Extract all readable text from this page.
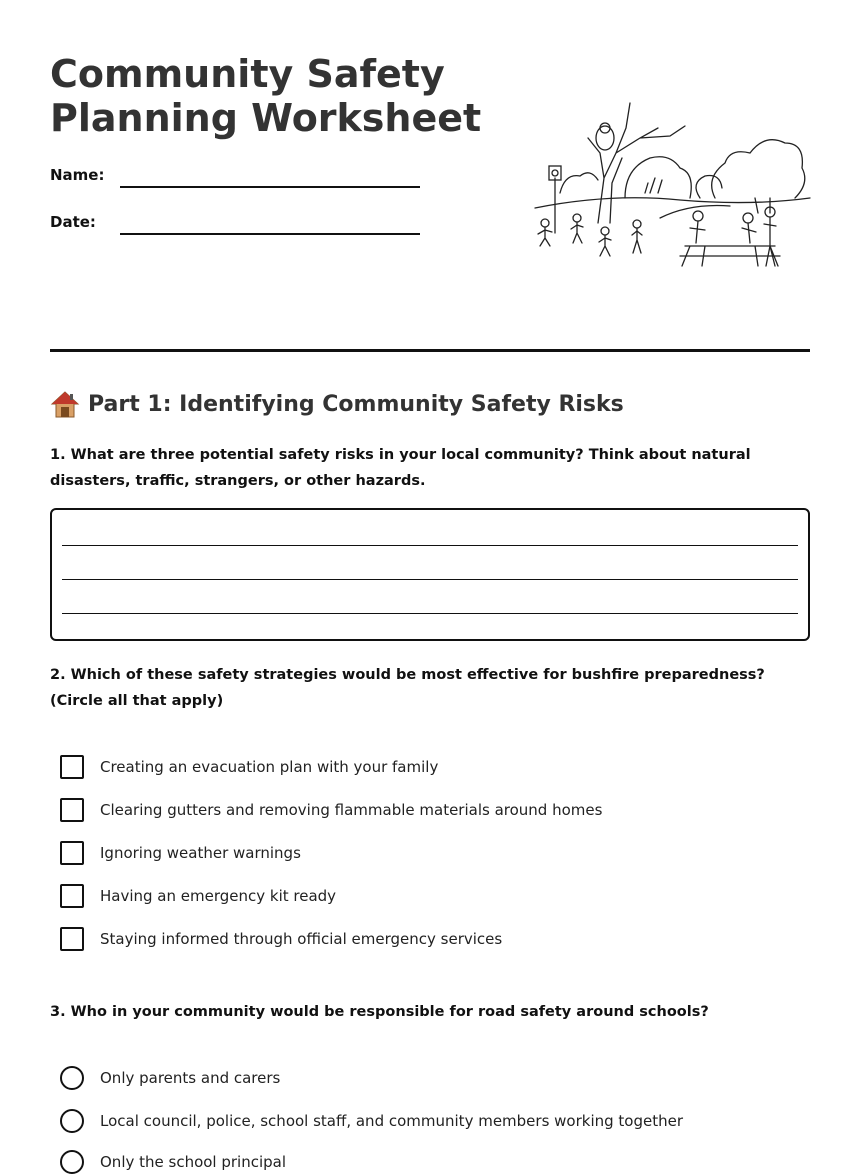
Community Safety
Planning Worksheet
Name:
Date:
Part 1: Identifying Community Safety Risks

1. What are three potential safety risks in your local community? Think about natural disasters, traffic, strangers, or other hazards.

2. Which of these safety strategies would be most effective for bushfire preparedness? (Circle all that apply)

Creating an evacuation plan with your family
Clearing gutters and removing flammable materials around homes
Ignoring weather warnings
Having an emergency kit ready
Staying informed through official emergency services

3. Who in your community would be responsible for road safety around schools?

Only parents and carers
Local council, police, school staff, and community members working together
Only the school principal
